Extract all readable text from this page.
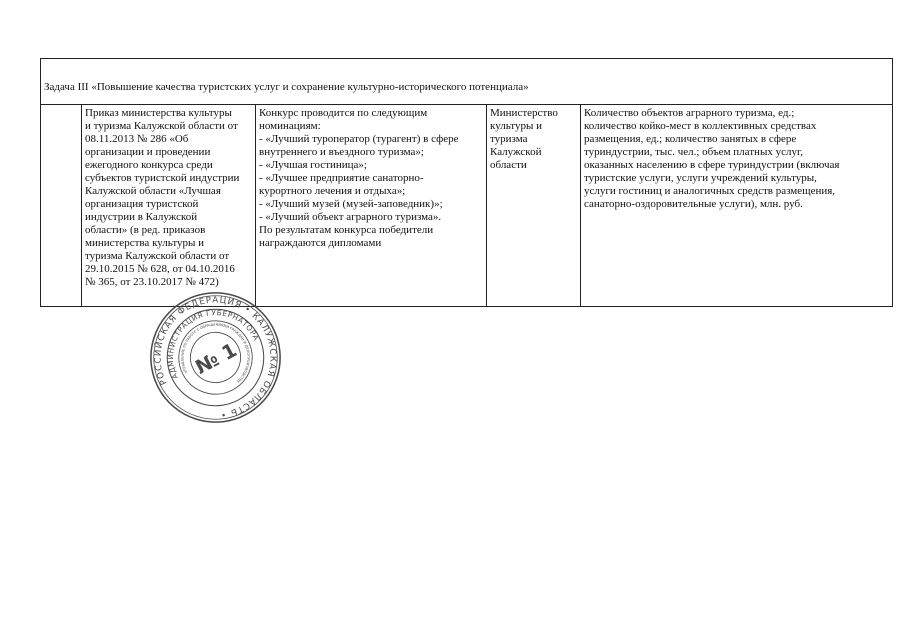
Задача III «Повышение качества туристских услуг и сохранение культурно-исторического потенциала»
	Приказ министерства культуры
и туризма Калужской области от
08.11.2013 № 286 «Об
организации и проведении
ежегодного конкурса среди
субъектов туристской индустрии
Калужской области «Лучшая
организация туристской
индустрии в Калужской
области» (в ред. приказов
министерства культуры и
туризма Калужской области от
29.10.2015 № 628, от 04.10.2016
№ 365, от 23.10.2017 № 472)	Конкурс проводится по следующим
номинациям:
- «Лучший туроператор (турагент) в сфере
внутреннего и въездного туризма»;
- «Лучшая гостиница»;
- «Лучшее предприятие санаторно-
курортного лечения и отдыха»;
- «Лучший музей (музей-заповедник)»;
- «Лучший объект аграрного туризма».
По результатам конкурса победители
награждаются дипломами	Министерство
культуры и
туризма
Калужской
области	Количество объектов аграрного туризма, ед.;
количество койко-мест в коллективных средствах
размещения, ед.; количество занятых в сфере
туриндустрии, тыс. чел.; объем платных услуг,
оказанных населению в сфере туриндустрии (включая
туристские услуги, услуги учреждений культуры,
услуги гостиниц и аналогичных средств размещения,
санаторно-оздоровительные услуги), млн. руб.
РОССИЙСКАЯ ФЕДЕРАЦИЯ • КАЛУЖСКАЯ ОБЛАСТЬ •
АДМИНИСТРАЦИЯ ГУБЕРНАТОРА
УПРАВЛЕНИЕ ПО РАБОТЕ С ОБРАЩЕНИЯМИ ГРАЖДАН И ДЕЛОПРОИЗВОДСТВУ
№ 1
